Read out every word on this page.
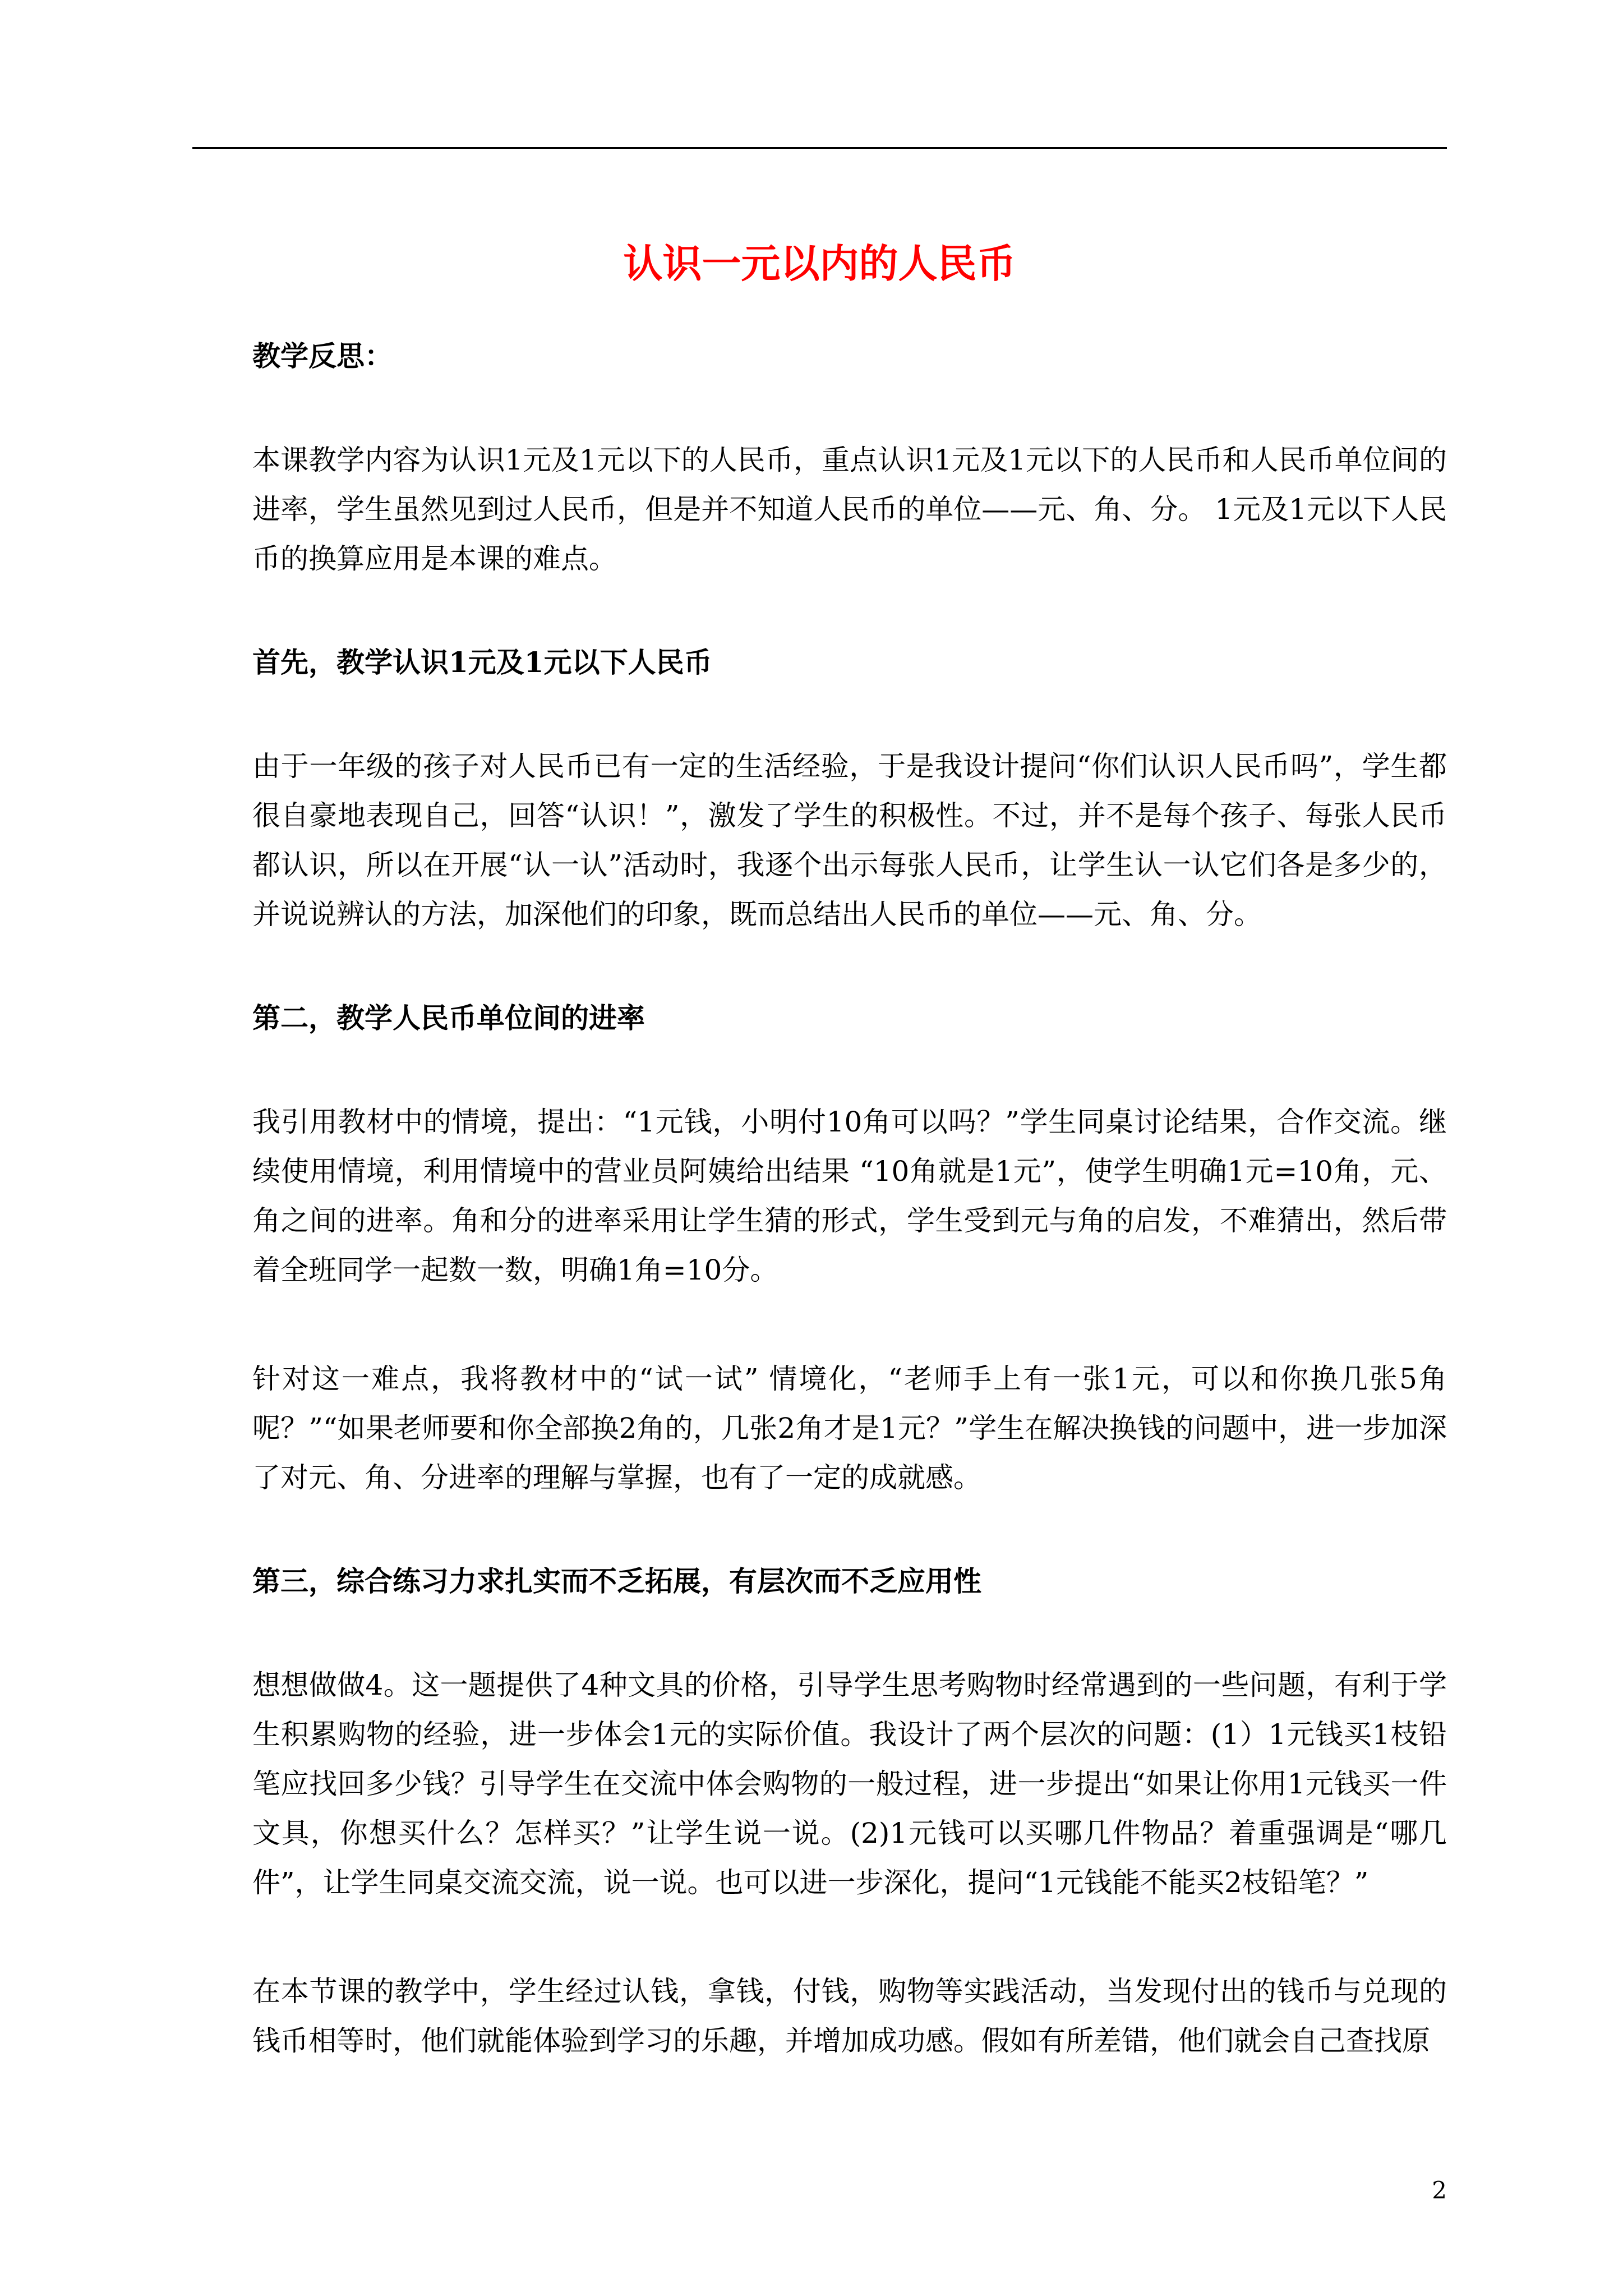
认识一元以内的人民币

教学反思：

本课教学内容为认识1元及1元以下的人民币，重点认识1元及1元以下的人民币和人民币单位间的进率，学生虽然见到过人民币，但是并不知道人民币的单位——元、角、分。 1元及1元以下人民币的换算应用是本课的难点。

首先，教学认识1元及1元以下人民币

由于一年级的孩子对人民币已有一定的生活经验，于是我设计提问“你们认识人民币吗”，学生都很自豪地表现自己，回答“认识！”，激发了学生的积极性。不过，并不是每个孩子、每张人民币都认识，所以在开展“认一认”活动时，我逐个出示每张人民币，让学生认一认它们各是多少的，并说说辨认的方法，加深他们的印象，既而总结出人民币的单位——元、角、分。

第二，教学人民币单位间的进率

我引用教材中的情境，提出：“1元钱，小明付10角可以吗？”学生同桌讨论结果，合作交流。继续使用情境，利用情境中的营业员阿姨给出结果 “10角就是1元”，使学生明确1元=10角，元、角之间的进率。角和分的进率采用让学生猜的形式，学生受到元与角的启发，不难猜出，然后带着全班同学一起数一数，明确1角=10分。

针对这一难点，我将教材中的“试一试” 情境化，“老师手上有一张1元，可以和你换几张5角呢？”“如果老师要和你全部换2角的，几张2角才是1元？”学生在解决换钱的问题中，进一步加深了对元、角、分进率的理解与掌握，也有了一定的成就感。

第三，综合练习力求扎实而不乏拓展，有层次而不乏应用性

想想做做4。这一题提供了4种文具的价格，引导学生思考购物时经常遇到的一些问题，有利于学生积累购物的经验，进一步体会1元的实际价值。我设计了两个层次的问题：(1）1元钱买1枝铅笔应找回多少钱？引导学生在交流中体会购物的一般过程，进一步提出“如果让你用1元钱买一件文具，你想买什么？怎样买？”让学生说一说。(2)1元钱可以买哪几件物品？着重强调是“哪几件”，让学生同桌交流交流，说一说。也可以进一步深化，提问“1元钱能不能买2枝铅笔？”

在本节课的教学中，学生经过认钱，拿钱，付钱，购物等实践活动，当发现付出的钱币与兑现的钱币相等时，他们就能体验到学习的乐趣，并增加成功感。假如有所差错，他们就会自己查找原

2
